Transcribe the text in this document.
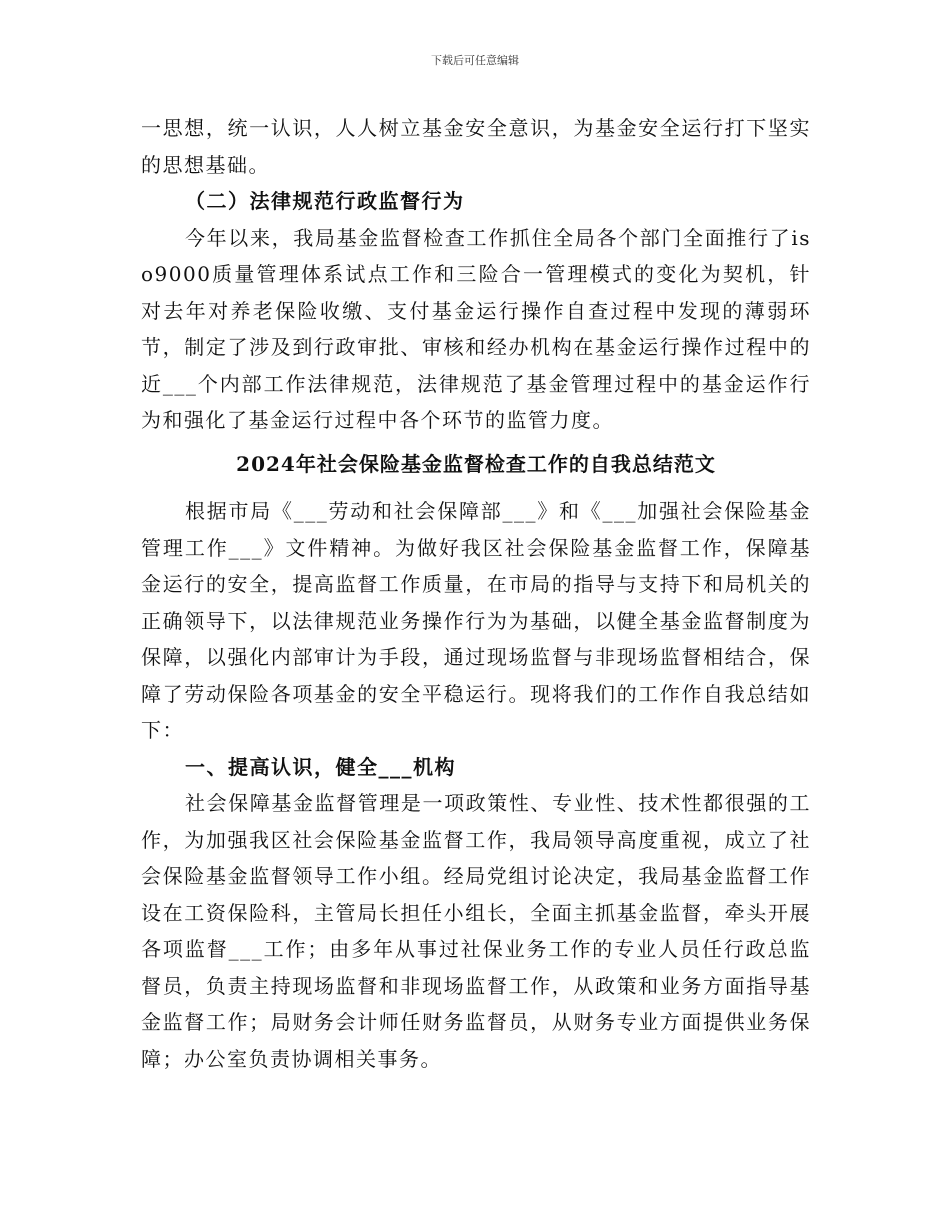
下载后可任意编辑

一思想，统一认识，人人树立基金安全意识，为基金安全运行打下坚实的思想基础。

（二）法律规范行政监督行为

今年以来，我局基金监督检查工作抓住全局各个部门全面推行了iso9000质量管理体系试点工作和三险合一管理模式的变化为契机，针对去年对养老保险收缴、支付基金运行操作自查过程中发现的薄弱环节，制定了涉及到行政审批、审核和经办机构在基金运行操作过程中的近___个内部工作法律规范，法律规范了基金管理过程中的基金运作行为和强化了基金运行过程中各个环节的监管力度。

2024年社会保险基金监督检查工作的自我总结范文

根据市局《___劳动和社会保障部___》和《___加强社会保险基金管理工作___》文件精神。为做好我区社会保险基金监督工作，保障基金运行的安全，提高监督工作质量，在市局的指导与支持下和局机关的正确领导下，以法律规范业务操作行为为基础，以健全基金监督制度为保障，以强化内部审计为手段，通过现场监督与非现场监督相结合，保障了劳动保险各项基金的安全平稳运行。现将我们的工作作自我总结如下：

一、提高认识，健全___机构

社会保障基金监督管理是一项政策性、专业性、技术性都很强的工作，为加强我区社会保险基金监督工作，我局领导高度重视，成立了社会保险基金监督领导工作小组。经局党组讨论决定，我局基金监督工作设在工资保险科，主管局长担任小组长，全面主抓基金监督，牵头开展各项监督___工作；由多年从事过社保业务工作的专业人员任行政总监督员，负责主持现场监督和非现场监督工作，从政策和业务方面指导基金监督工作；局财务会计师任财务监督员，从财务专业方面提供业务保障；办公室负责协调相关事务。
